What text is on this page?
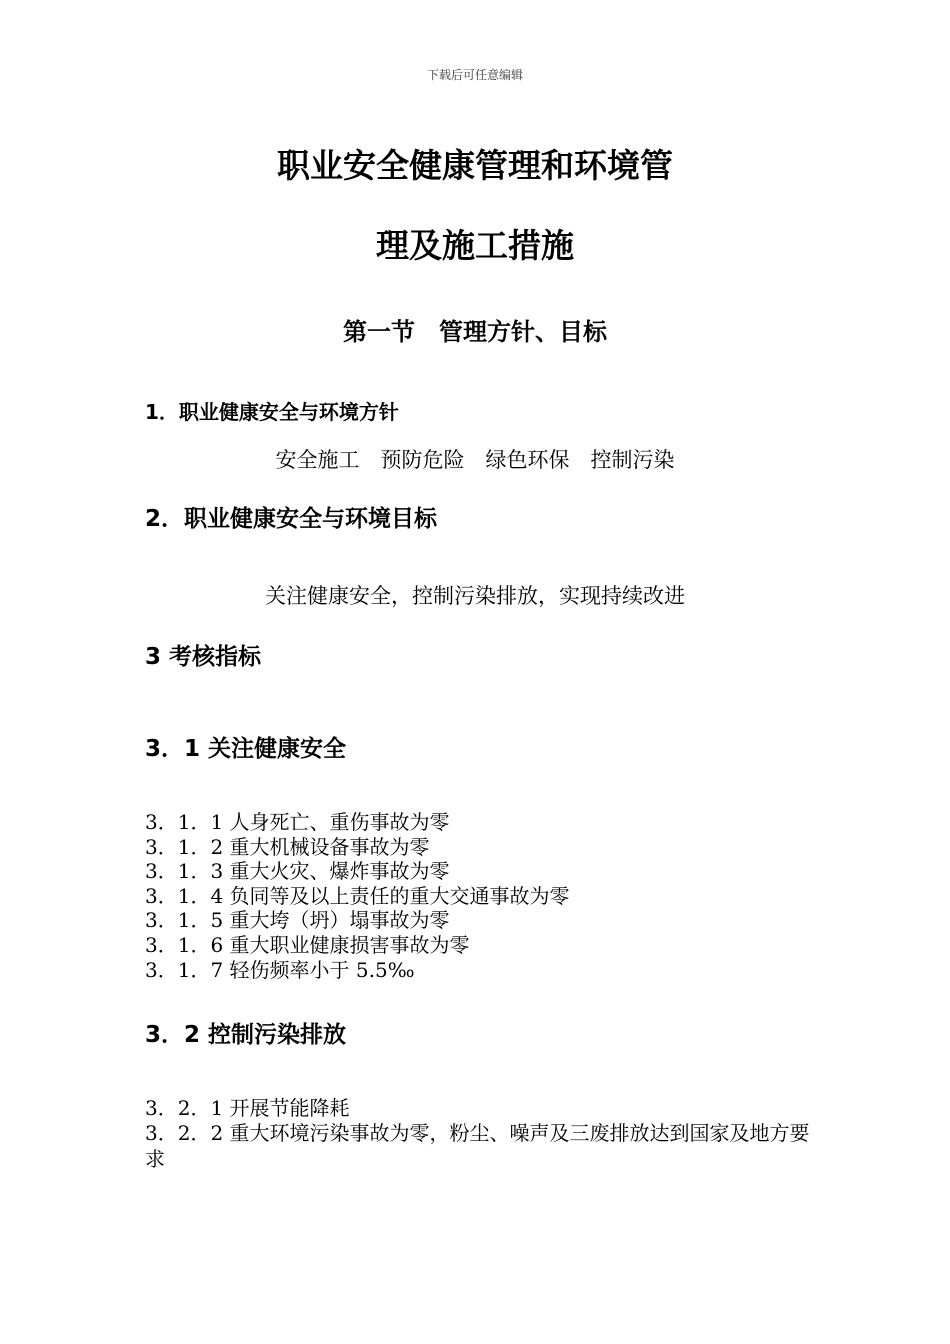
下载后可任意编辑
职业安全健康管理和环境管
理及施工措施
第一节　管理方针、目标
1．职业健康安全与环境方针
安全施工　预防危险　绿色环保　控制污染
2．职业健康安全与环境目标
关注健康安全，控制污染排放，实现持续改进
3 考核指标
3．1 关注健康安全
3．1．1 人身死亡、重伤事故为零
3．1．2 重大机械设备事故为零
3．1．3 重大火灾、爆炸事故为零
3．1．4 负同等及以上责任的重大交通事故为零
3．1．5 重大垮（坍）塌事故为零
3．1．6 重大职业健康损害事故为零
3．1．7 轻伤频率小于 5.5‰
3．2 控制污染排放
3．2．1 开展节能降耗
3．2．2 重大环境污染事故为零，粉尘、噪声及三废排放达到国家及地方要求
